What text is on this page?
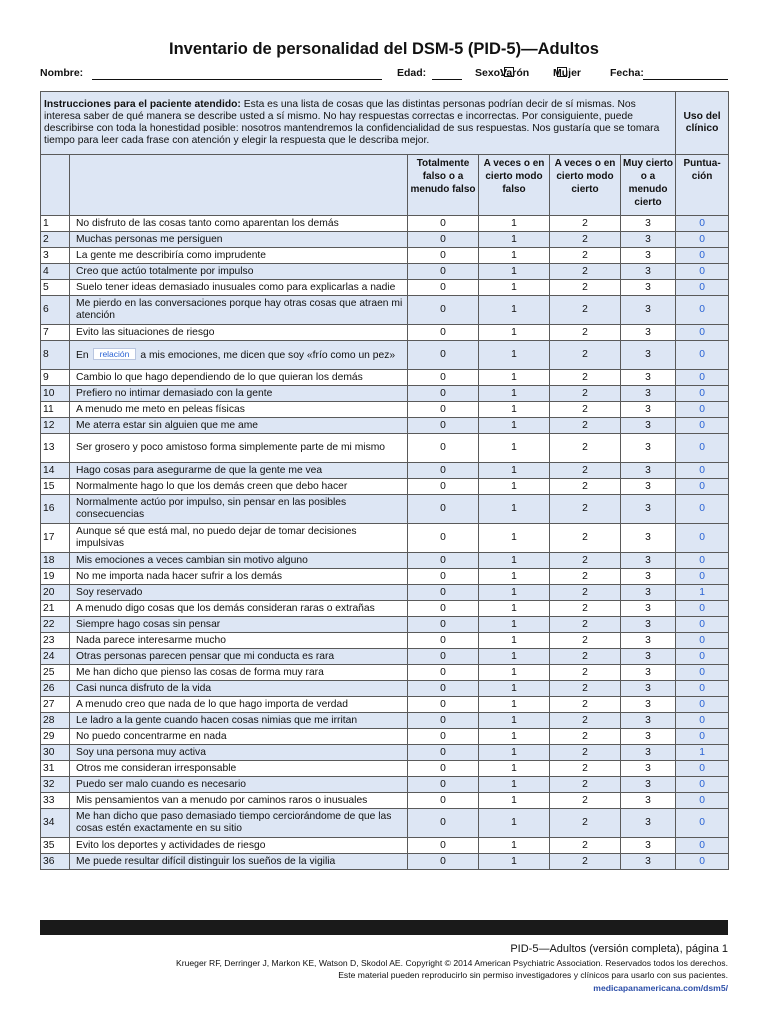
Inventario de personalidad del DSM-5 (PID-5)—Adultos
Nombre:	Edad:	Sexo:
Varón Mujer	Fecha:
Instrucciones para el paciente atendido: Esta es una lista de cosas que las distintas personas podrían decir de sí mismas. Nos interesa saber de qué manera se describe usted a sí mismo. No hay respuestas correctas e incorrectas. Por consiguiente, puede describirse con toda la honestidad posible: nosotros mantendremos la confidencialidad de sus respuestas. Nos gustaría que se tomara tiempo para leer cada frase con atención y elegir la respuesta que le describa mejor.						Uso del clínico
		Totalmente falso o a menudo falso	A veces o en cierto modo falso	A veces o en cierto modo cierto	Muy cierto o a menudo cierto	Puntua-ción
1	No disfruto de las cosas tanto como aparentan los demás	0	1	2	3	0
2	Muchas personas me persiguen	0	1	2	3	0
3	La gente me describiría como imprudente	0	1	2	3	0
4	Creo que actúo totalmente por impulso	0	1	2	3	0
5	Suelo tener ideas demasiado inusuales como para explicarlas a nadie	0	1	2	3	0
6	Me pierdo en las conversaciones porque hay otras cosas que atraen mi atención	0	1	2	3	0
7	Evito las situaciones de riesgo	0	1	2	3	0
8	En relación a mis emociones, me dicen que soy «frío como un pez»	0	1	2	3	0
9	Cambio lo que hago dependiendo de lo que quieran los demás	0	1	2	3	0
10	Prefiero no intimar demasiado con la gente	0	1	2	3	0
11	A menudo me meto en peleas físicas	0	1	2	3	0
12	Me aterra estar sin alguien que me ame	0	1	2	3	0
13	Ser grosero y poco amistoso forma simplemente parte de mi mismo	0	1	2	3	0
14	Hago cosas para asegurarme de que la gente me vea	0	1	2	3	0
15	Normalmente hago lo que los demás creen que debo hacer	0	1	2	3	0
16	Normalmente actúo por impulso, sin pensar en las posibles consecuencias	0	1	2	3	0
17	Aunque sé que está mal, no puedo dejar de tomar decisiones impulsivas	0	1	2	3	0
18	Mis emociones a veces cambian sin motivo alguno	0	1	2	3	0
19	No me importa nada hacer sufrir a los demás	0	1	2	3	0
20	Soy reservado	0	1	2	3	1
21	A menudo digo cosas que los demás consideran raras o extrañas	0	1	2	3	0
22	Siempre hago cosas sin pensar	0	1	2	3	0
23	Nada parece interesarme mucho	0	1	2	3	0
24	Otras personas parecen pensar que mi conducta es rara	0	1	2	3	0
25	Me han dicho que pienso las cosas de forma muy rara	0	1	2	3	0
26	Casi nunca disfruto de la vida	0	1	2	3	0
27	A menudo creo que nada de lo que hago importa de verdad	0	1	2	3	0
28	Le ladro a la gente cuando hacen cosas nimias que me irritan	0	1	2	3	0
29	No puedo concentrarme en nada	0	1	2	3	0
30	Soy una persona muy activa	0	1	2	3	1
31	Otros me consideran irresponsable	0	1	2	3	0
32	Puedo ser malo cuando es necesario	0	1	2	3	0
33	Mis pensamientos van a menudo por caminos raros o inusuales	0	1	2	3	0
34	Me han dicho que paso demasiado tiempo cerciorándome de que las cosas estén exactamente en su sitio	0	1	2	3	0
35	Evito los deportes y actividades de riesgo	0	1	2	3	0
36	Me puede resultar difícil distinguir los sueños de la vigilia	0	1	2	3	0
PID-5—Adultos (versión completa), página 1
Krueger RF, Derringer J, Markon KE, Watson D, Skodol AE. Copyright © 2014 American Psychiatric Association. Reservados todos los derechos.
Este material pueden reproducirlo sin permiso investigadores y clínicos para usarlo con sus pacientes.
medicapanamericana.com/dsm5/
